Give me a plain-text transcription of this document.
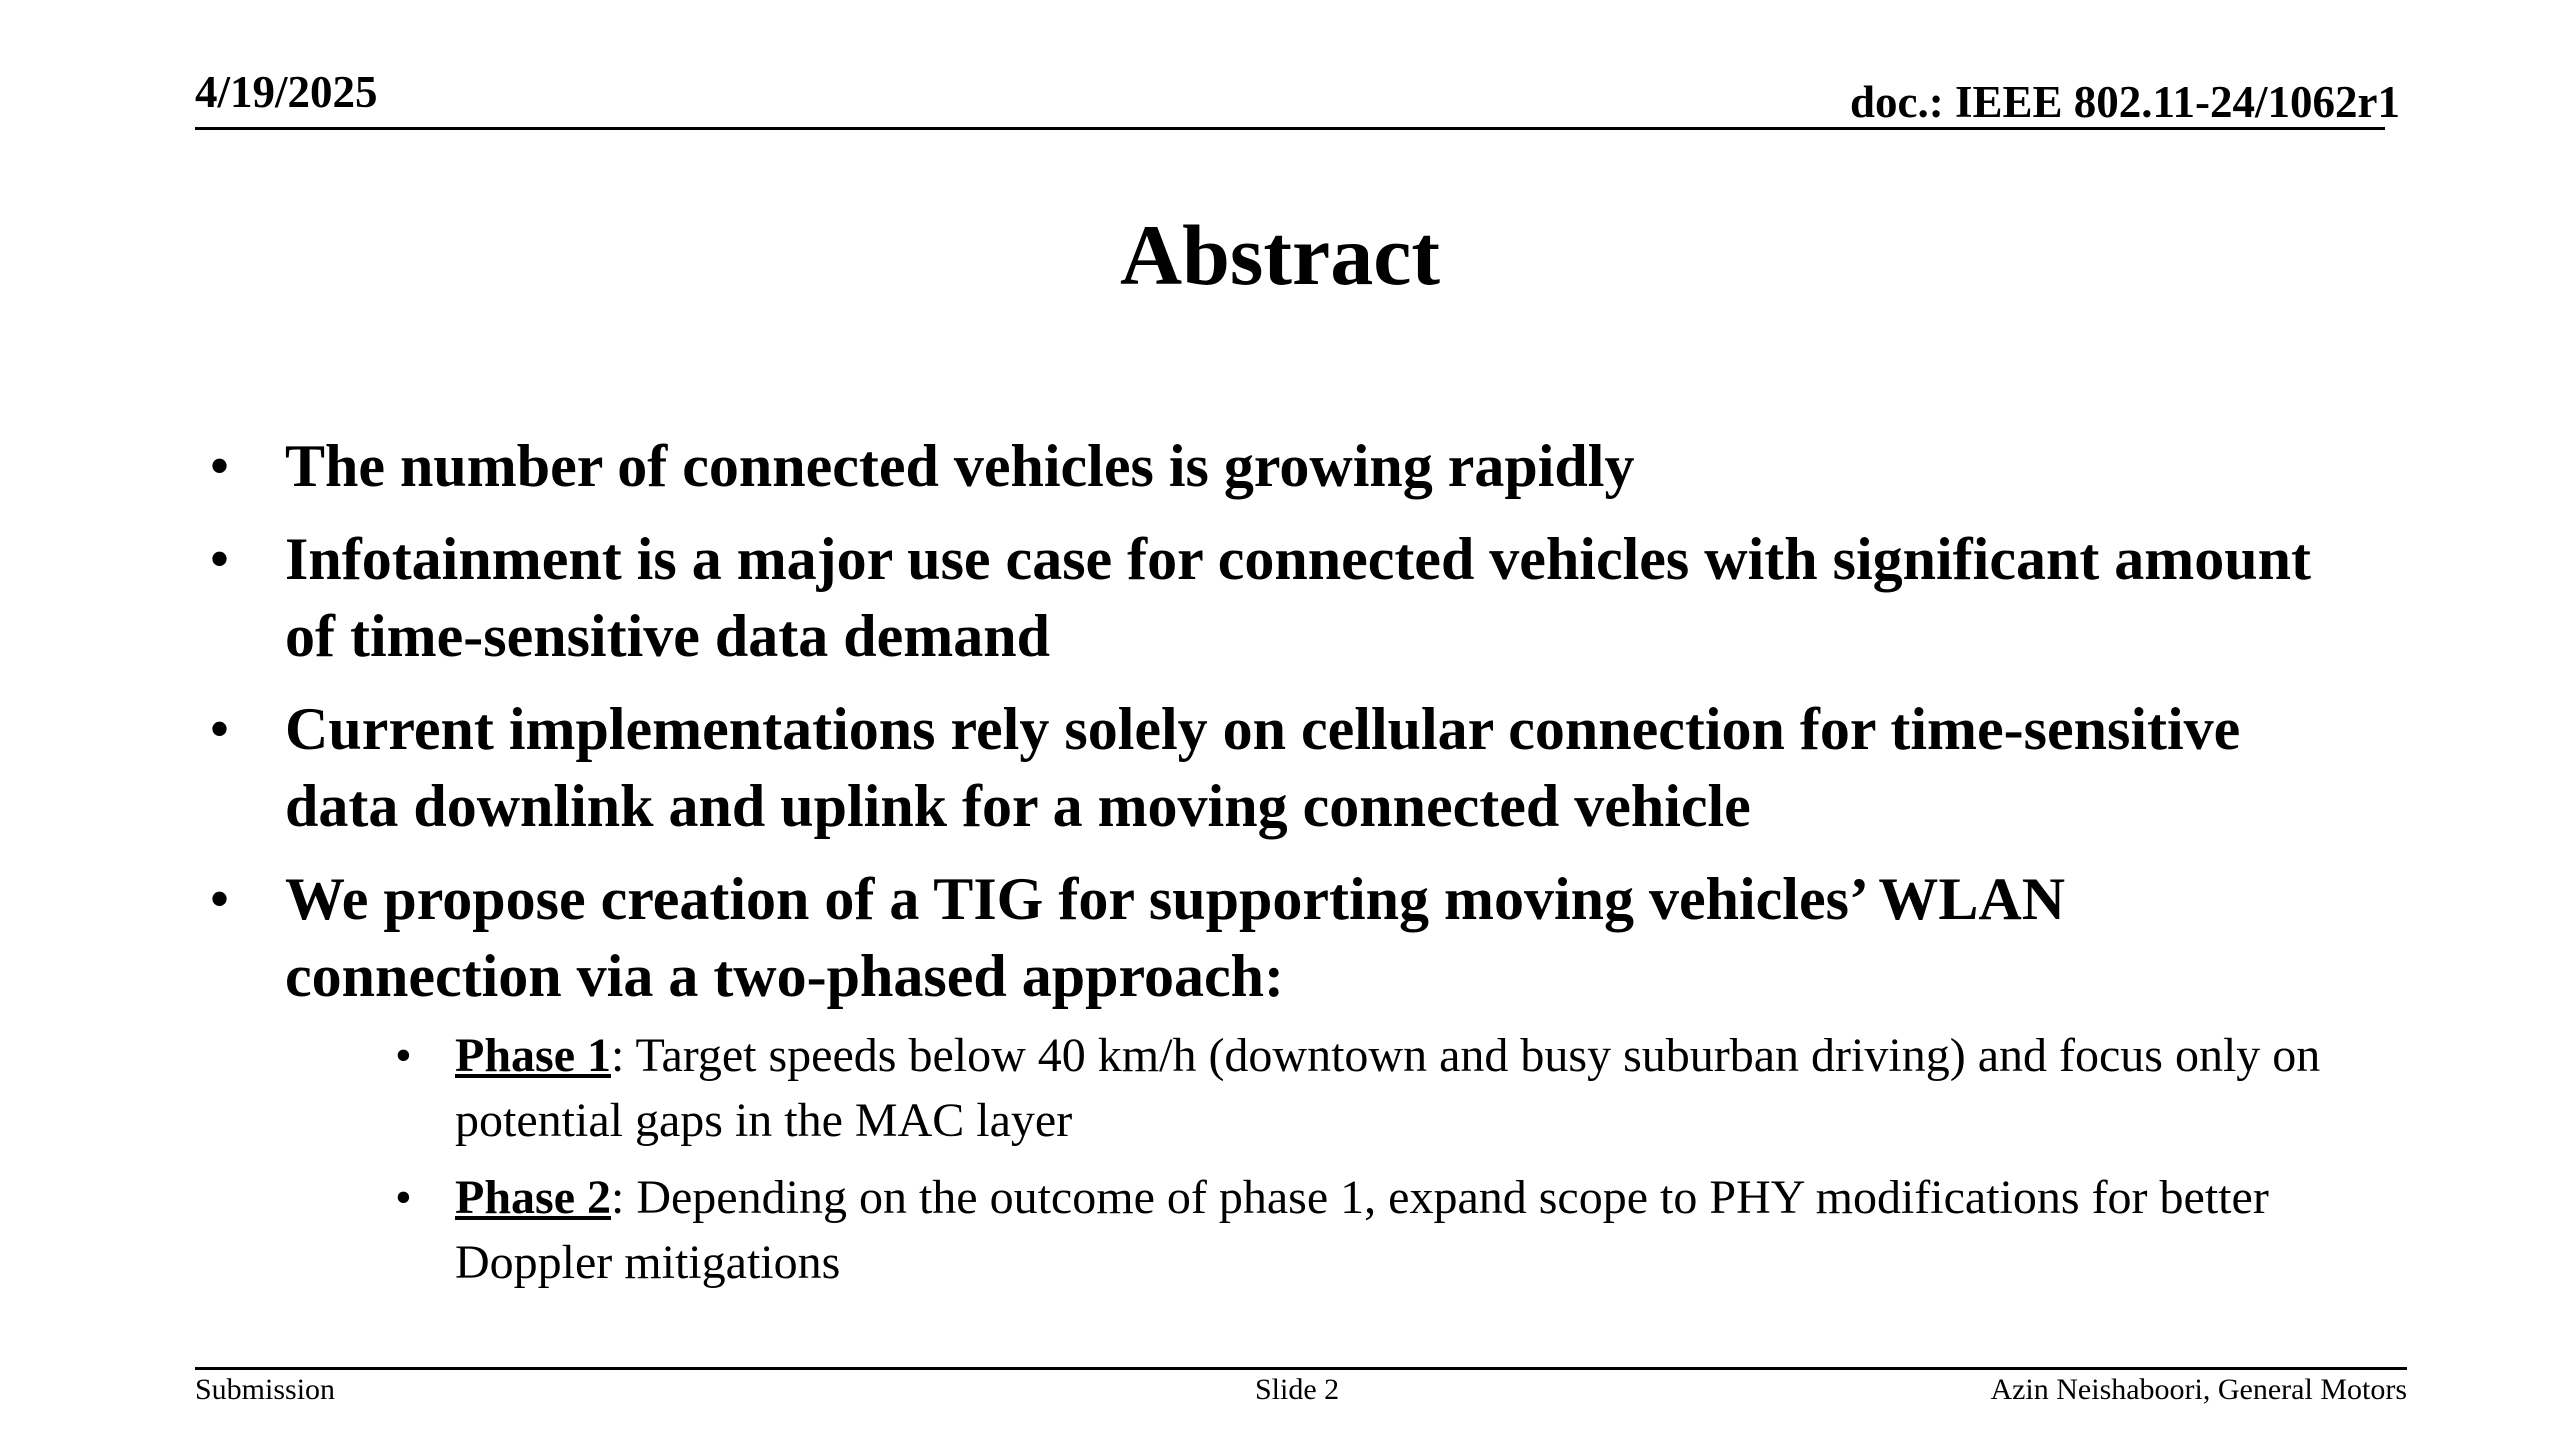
4/19/2025	doc.: IEEE 802.11-24/1062r1
Abstract
• The number of connected vehicles is growing rapidly
• Infotainment is a major use case for connected vehicles with significant amount of time-sensitive data demand
• Current implementations rely solely on cellular connection for time-sensitive data downlink and uplink for a moving connected vehicle
• We propose creation of a TIG for supporting moving vehicles’ WLAN connection via a two-phased approach:
• Phase 1: Target speeds below 40 km/h (downtown and busy suburban driving) and focus only on potential gaps in the MAC layer
• Phase 2: Depending on the outcome of phase 1, expand scope to PHY modifications for better Doppler mitigations
Submission	Slide 2	Azin Neishaboori, General Motors
